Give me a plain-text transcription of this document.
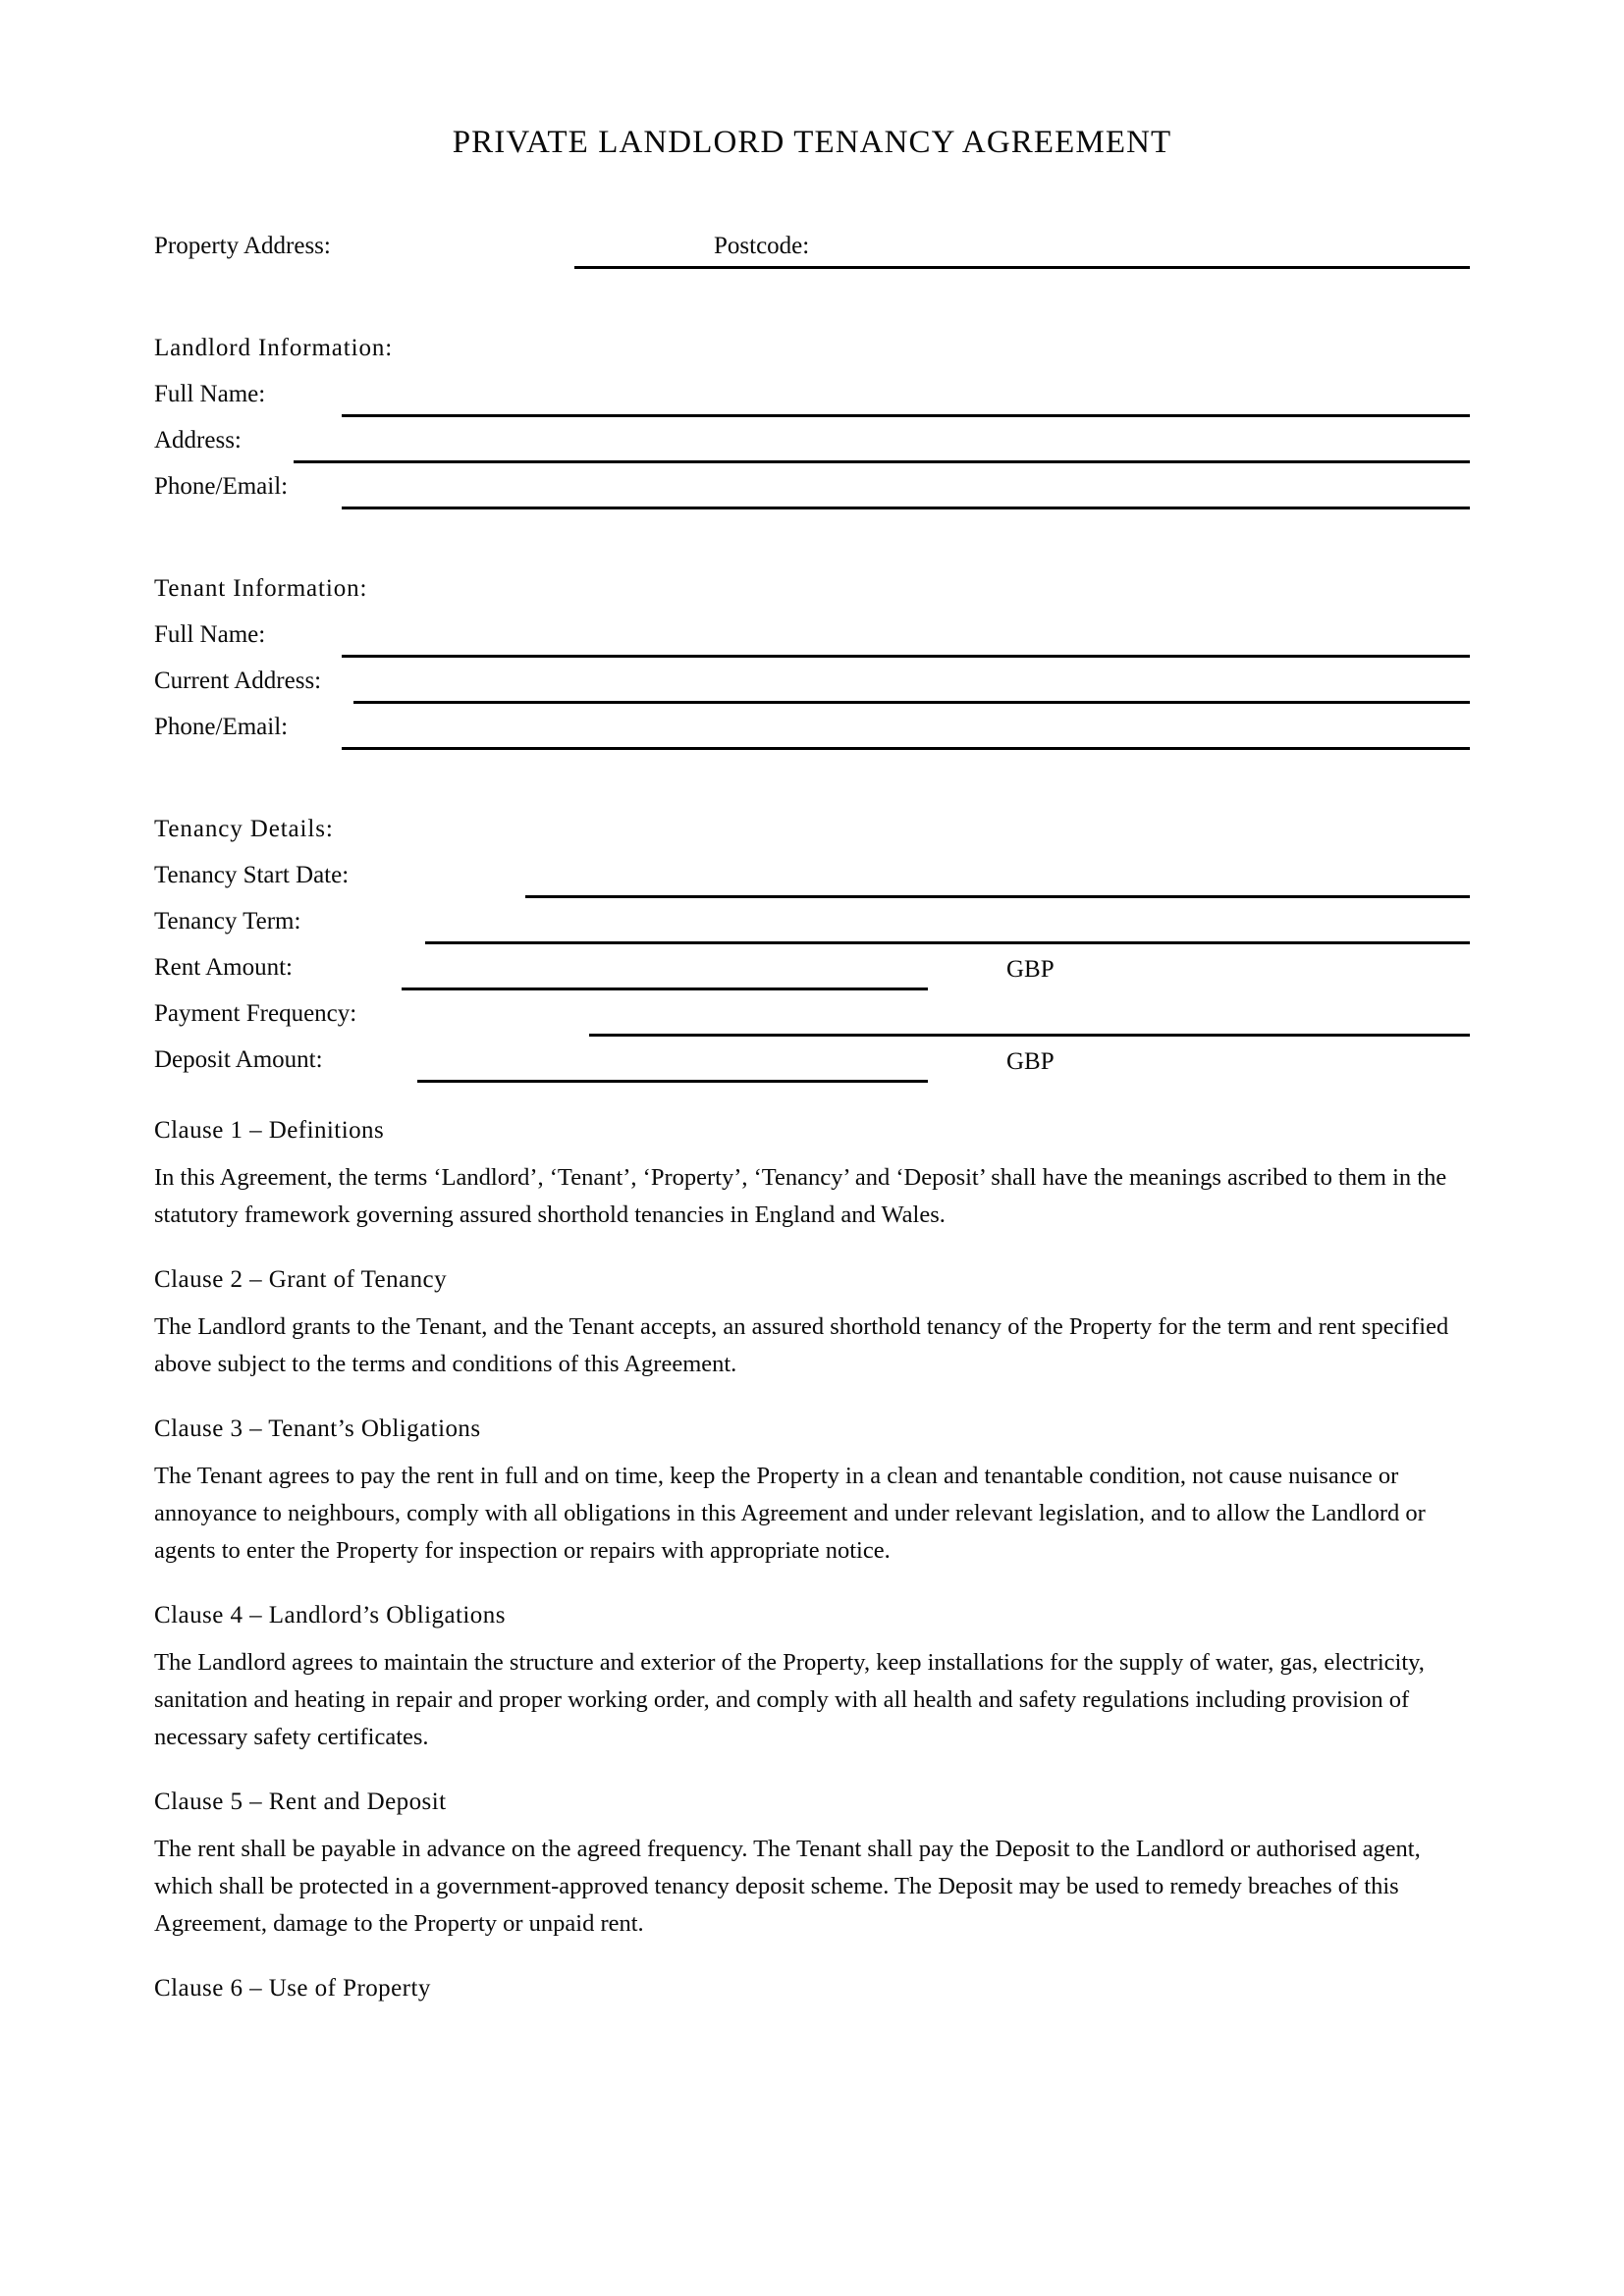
PRIVATE LANDLORD TENANCY AGREEMENT
Property Address:	Postcode:
Landlord Information:
Full Name:
Address:
Phone/Email:
Tenant Information:
Full Name:
Current Address:
Phone/Email:
Tenancy Details:
Tenancy Start Date:
Tenancy Term:
Rent Amount:	GBP
Payment Frequency:
Deposit Amount:	GBP
Clause 1 – Definitions
In this Agreement, the terms ‘Landlord’, ‘Tenant’, ‘Property’, ‘Tenancy’ and ‘Deposit’ shall have the meanings ascribed to them in the statutory framework governing assured shorthold tenancies in England and Wales.
Clause 2 – Grant of Tenancy
The Landlord grants to the Tenant, and the Tenant accepts, an assured shorthold tenancy of the Property for the term and rent specified above subject to the terms and conditions of this Agreement.
Clause 3 – Tenant’s Obligations
The Tenant agrees to pay the rent in full and on time, keep the Property in a clean and tenantable condition, not cause nuisance or annoyance to neighbours, comply with all obligations in this Agreement and under relevant legislation, and to allow the Landlord or agents to enter the Property for inspection or repairs with appropriate notice.
Clause 4 – Landlord’s Obligations
The Landlord agrees to maintain the structure and exterior of the Property, keep installations for the supply of water, gas, electricity, sanitation and heating in repair and proper working order, and comply with all health and safety regulations including provision of necessary safety certificates.
Clause 5 – Rent and Deposit
The rent shall be payable in advance on the agreed frequency. The Tenant shall pay the Deposit to the Landlord or authorised agent, which shall be protected in a government-approved tenancy deposit scheme. The Deposit may be used to remedy breaches of this Agreement, damage to the Property or unpaid rent.
Clause 6 – Use of Property
